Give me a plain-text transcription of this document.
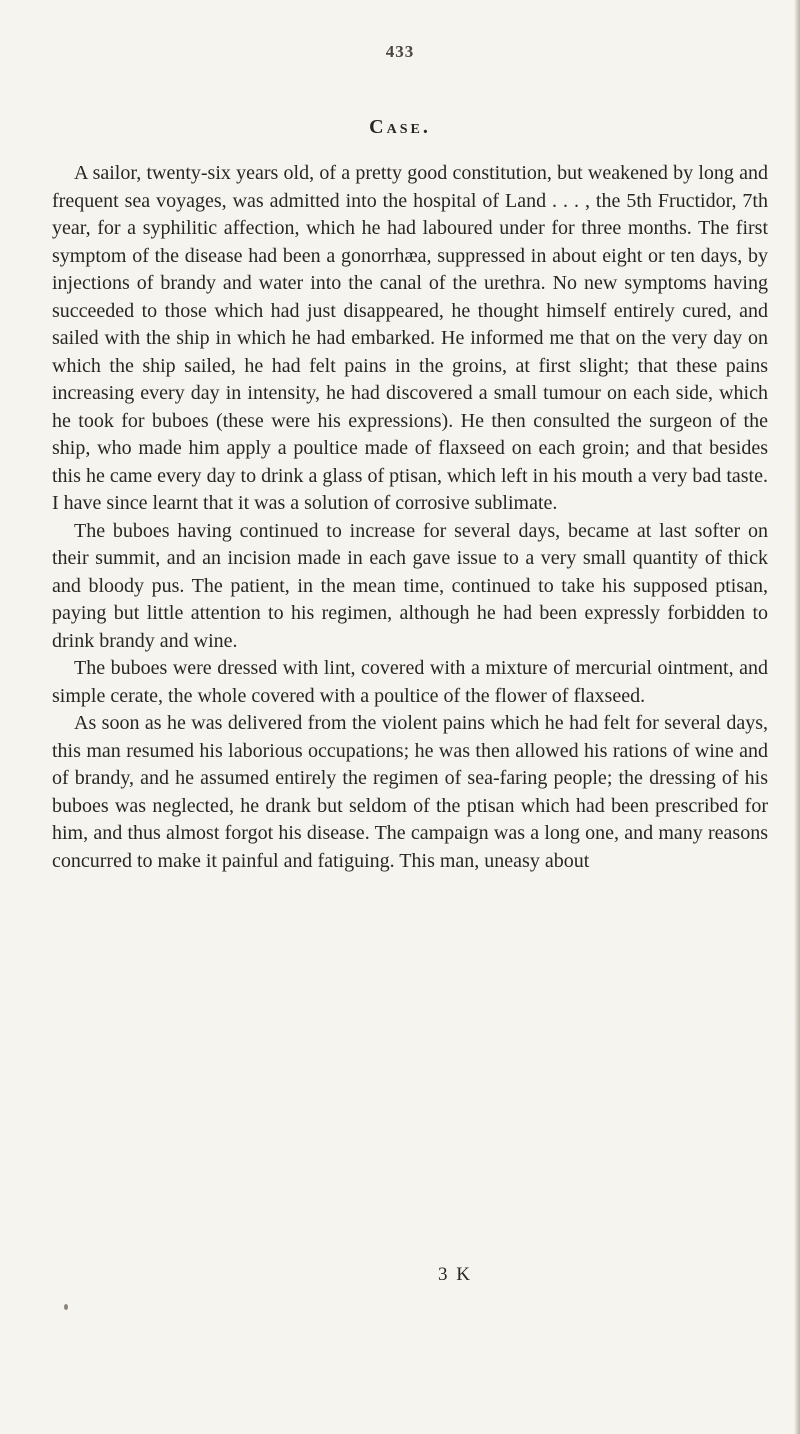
433
Case.

A sailor, twenty-six years old, of a pretty good constitution, but weakened by long and frequent sea voyages, was admitted into the hospital of Land . . . , the 5th Fructidor, 7th year, for a syphilitic affection, which he had laboured under for three months. The first symptom of the disease had been a gonorrhæa, suppressed in about eight or ten days, by injections of brandy and water into the canal of the urethra. No new symptoms having succeeded to those which had just disappeared, he thought himself entirely cured, and sailed with the ship in which he had embarked. He informed me that on the very day on which the ship sailed, he had felt pains in the groins, at first slight; that these pains increasing every day in intensity, he had discovered a small tumour on each side, which he took for buboes (these were his expressions). He then consulted the surgeon of the ship, who made him apply a poultice made of flaxseed on each groin; and that besides this he came every day to drink a glass of ptisan, which left in his mouth a very bad taste. I have since learnt that it was a solution of corrosive sublimate.

The buboes having continued to increase for several days, became at last softer on their summit, and an incision made in each gave issue to a very small quantity of thick and bloody pus. The patient, in the mean time, continued to take his supposed ptisan, paying but little attention to his regimen, although he had been expressly forbidden to drink brandy and wine.

The buboes were dressed with lint, covered with a mixture of mercurial ointment, and simple cerate, the whole covered with a poultice of the flower of flaxseed.

As soon as he was delivered from the violent pains which he had felt for several days, this man resumed his laborious occupations; he was then allowed his rations of wine and of brandy, and he assumed entirely the regimen of sea-faring people; the dressing of his buboes was neglected, he drank but seldom of the ptisan which had been prescribed for him, and thus almost forgot his disease. The campaign was a long one, and many reasons concurred to make it painful and fatiguing. This man, uneasy about

3 K
